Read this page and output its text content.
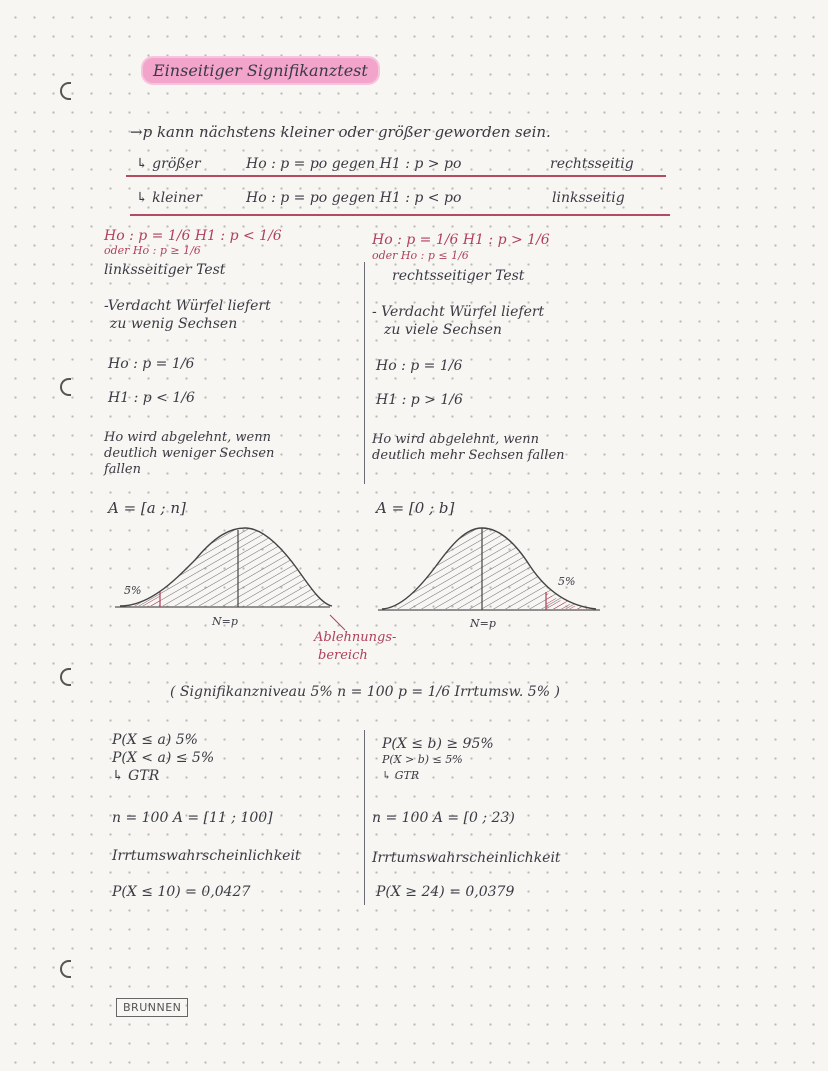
Einseitiger Signifikanztest
→p kann nächstens kleiner oder größer geworden sein.
↳ größer	Ho : p = po gegen H1 : p > po	rechtsseitig
↳ kleiner	Ho : p = po gegen H1 : p < po	linksseitig
Ho : p = 1/6 H1 : p < 1/6
oder Ho : p ≥ 1/6
linksseitiger Test
-Verdacht Würfel liefert
zu wenig Sechsen
Ho : p = 1/6
H1 : p < 1/6
Ho wird abgelehnt, wenn
deutlich weniger Sechsen
fallen
A = [a ; n]
Ho : p = 1/6 H1 : p > 1/6
oder Ho : p ≤ 1/6
rechtsseitiger Test
- Verdacht Würfel liefert
zu viele Sechsen
Ho : p = 1/6
H1 : p > 1/6
Ho wird abgelehnt, wenn
deutlich mehr Sechsen fallen
A = [0 ; b]
5%
N=p
5%
N=p
Ablehnungs-
bereich
( Signifikanzniveau 5% n = 100 p = 1/6 Irrtumsw. 5% )
P(X ≤ a) 5%
P(X < a) ≤ 5%
↳ GTR
n = 100 A = [11 ; 100]
Irrtumswahrscheinlichkeit
P(X ≤ 10) = 0,0427
P(X ≤ b) ≥ 95%
P(X > b) ≤ 5%
↳ GTR
n = 100 A = [0 ; 23)
Irrtumswahrscheinlichkeit
P(X ≥ 24) = 0,0379
BRUNNEN
